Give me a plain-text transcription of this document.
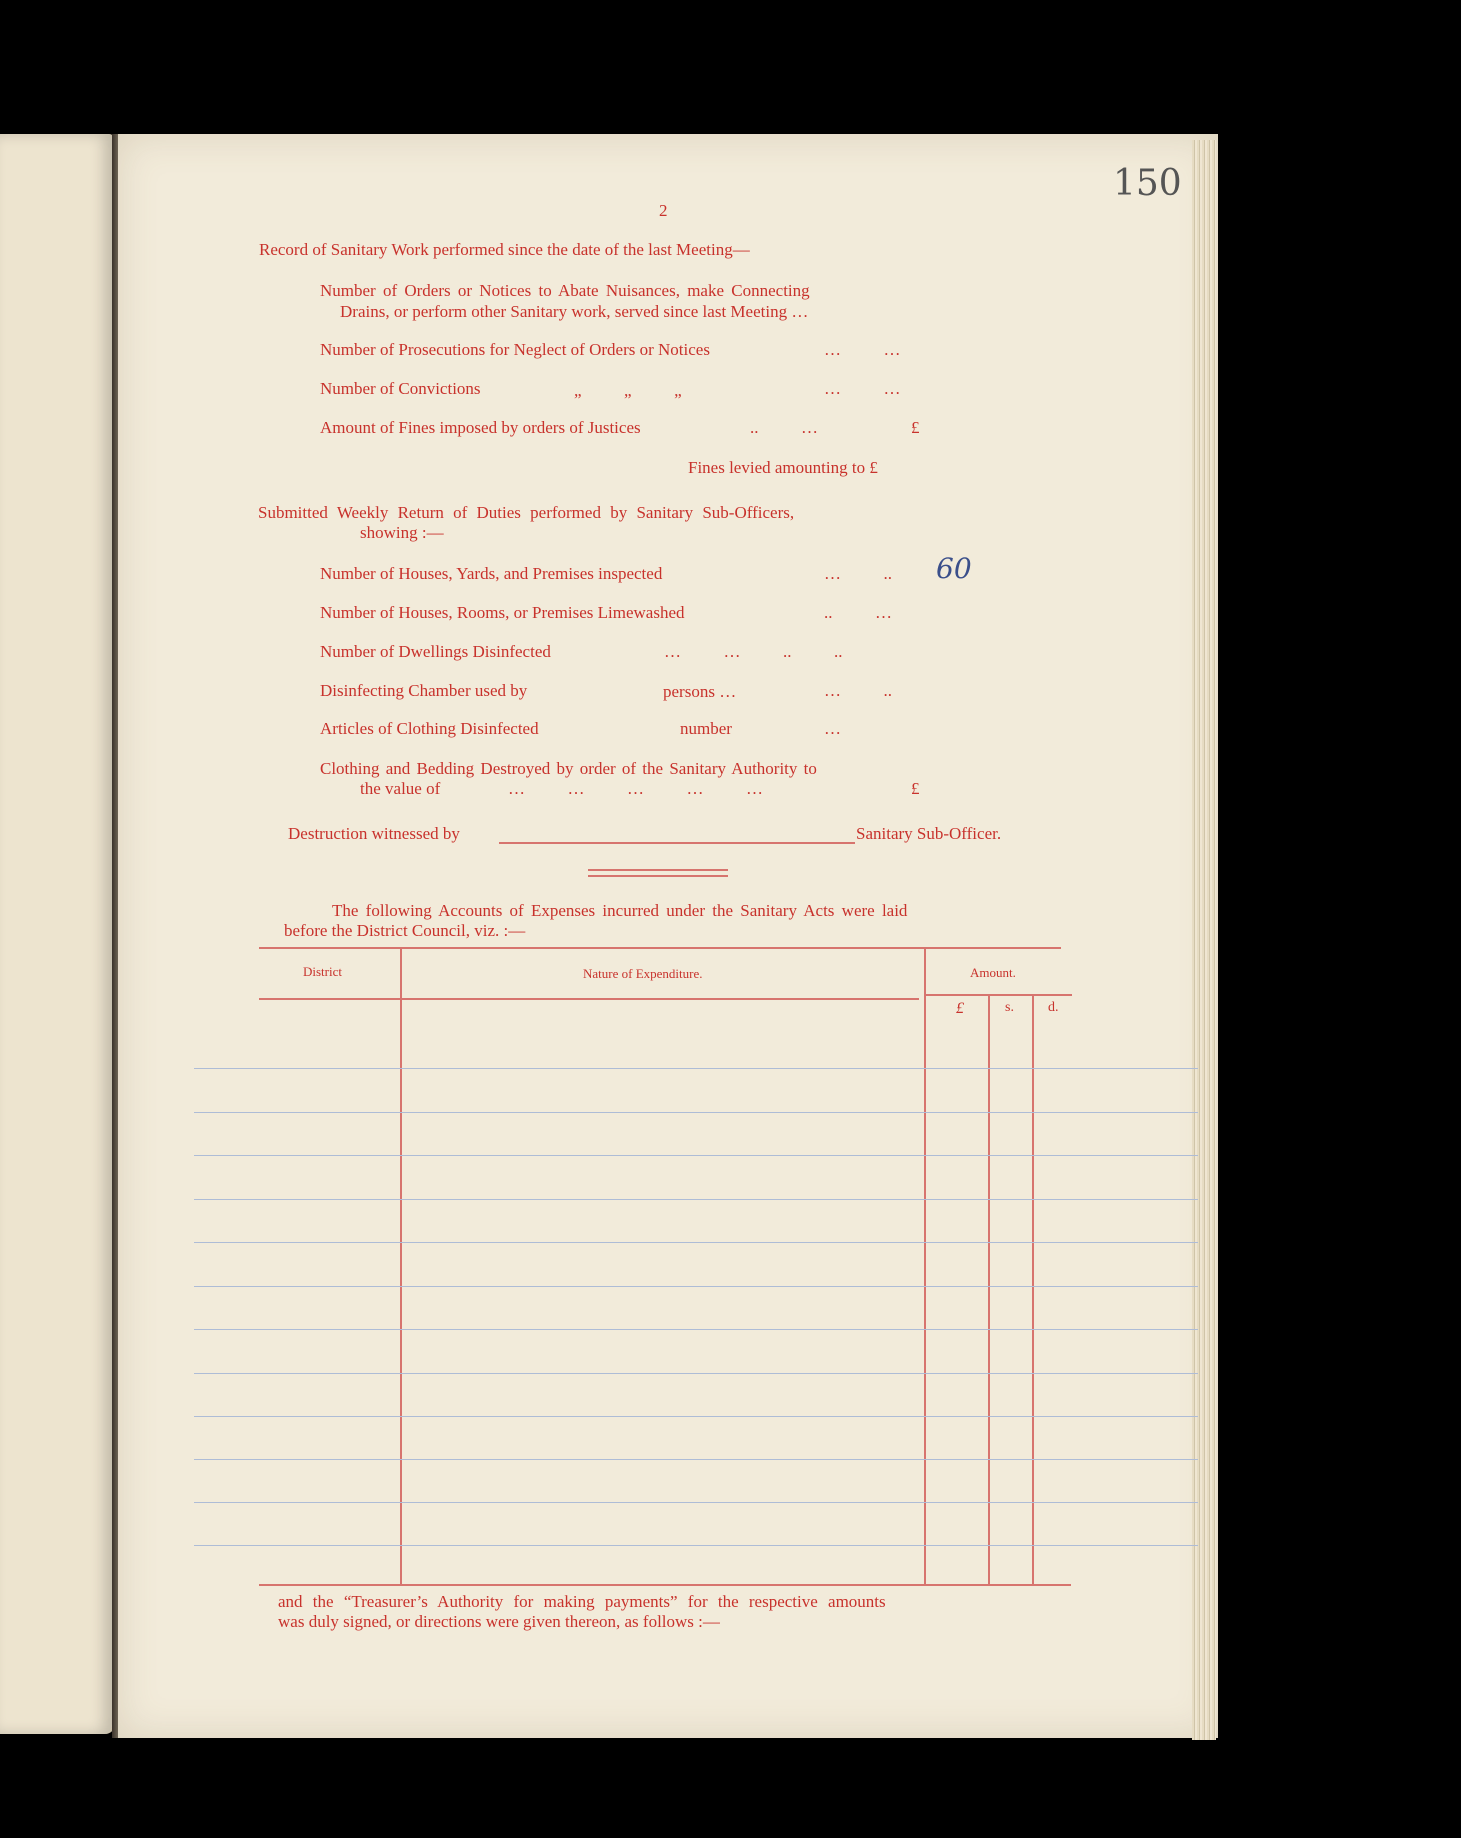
150
2
Record of Sanitary Work performed since the date of the last Meeting—
Number of Orders or Notices to Abate Nuisances, make Connecting
Drains, or perform other Sanitary work, served since last Meeting …
Number of Prosecutions for Neglect of Orders or Notices	…          …
Number of Convictions	„          „          „	…          …
Amount of Fines imposed by orders of Justices	..          …	£
Fines levied amounting to £
Submitted Weekly Return of Duties performed by Sanitary Sub-Officers,
showing :—
Number of Houses, Yards, and Premises inspected	…          .. 60
Number of Houses, Rooms, or Premises Limewashed	..          …
Number of Dwellings Disinfected	…          …          ..          ..
Disinfecting Chamber used by	persons …	…          ..
Articles of Clothing Disinfected	number	…
Clothing and Bedding Destroyed by order of the Sanitary Authority to
the value of	…          …          …          …          …	£
Destruction witnessed by	Sanitary Sub-Officer.
The following Accounts of Expenses incurred under the Sanitary Acts were laid
before the District Council, viz. :—
District	Nature of Expenditure.	Amount.
£	s. d.
and the “Treasurer’s Authority for making payments” for the respective amounts
was duly signed, or directions were given thereon, as follows :—
